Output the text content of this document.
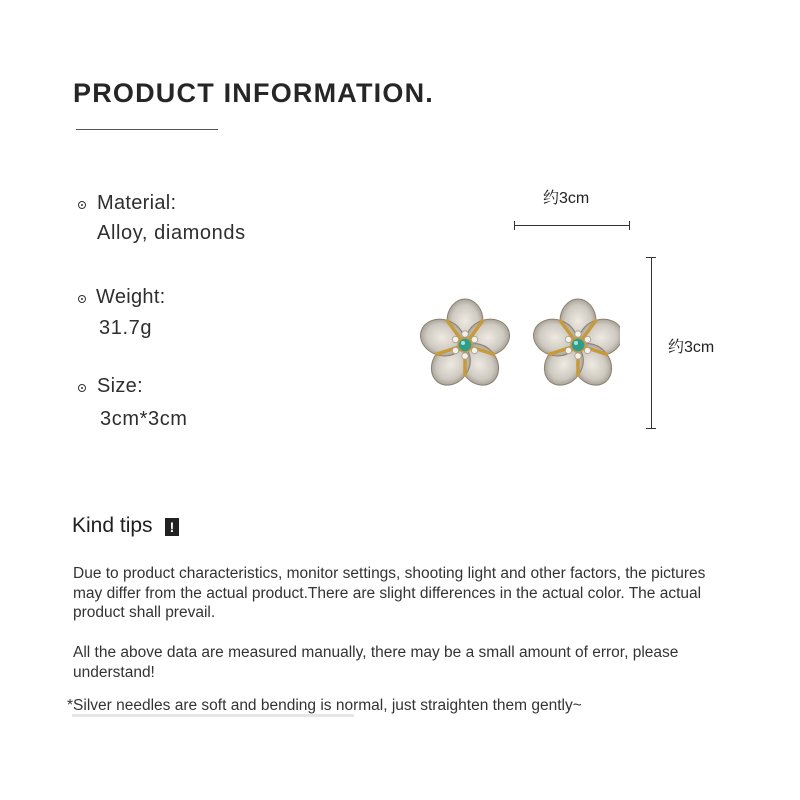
PRODUCT INFORMATION.
Material:
Alloy, diamonds
Weight:
31.7g
Size:
3cm*3cm
约3cm
约3cm
Kind tips	!
Due to product characteristics, monitor settings, shooting light and other factors, the pictures may differ from the actual product.There are slight differences in the actual color. The actual product shall prevail.
All the above data are measured manually, there may be a small amount of error, please understand!
*Silver needles are soft and bending is normal, just straighten them gently~
